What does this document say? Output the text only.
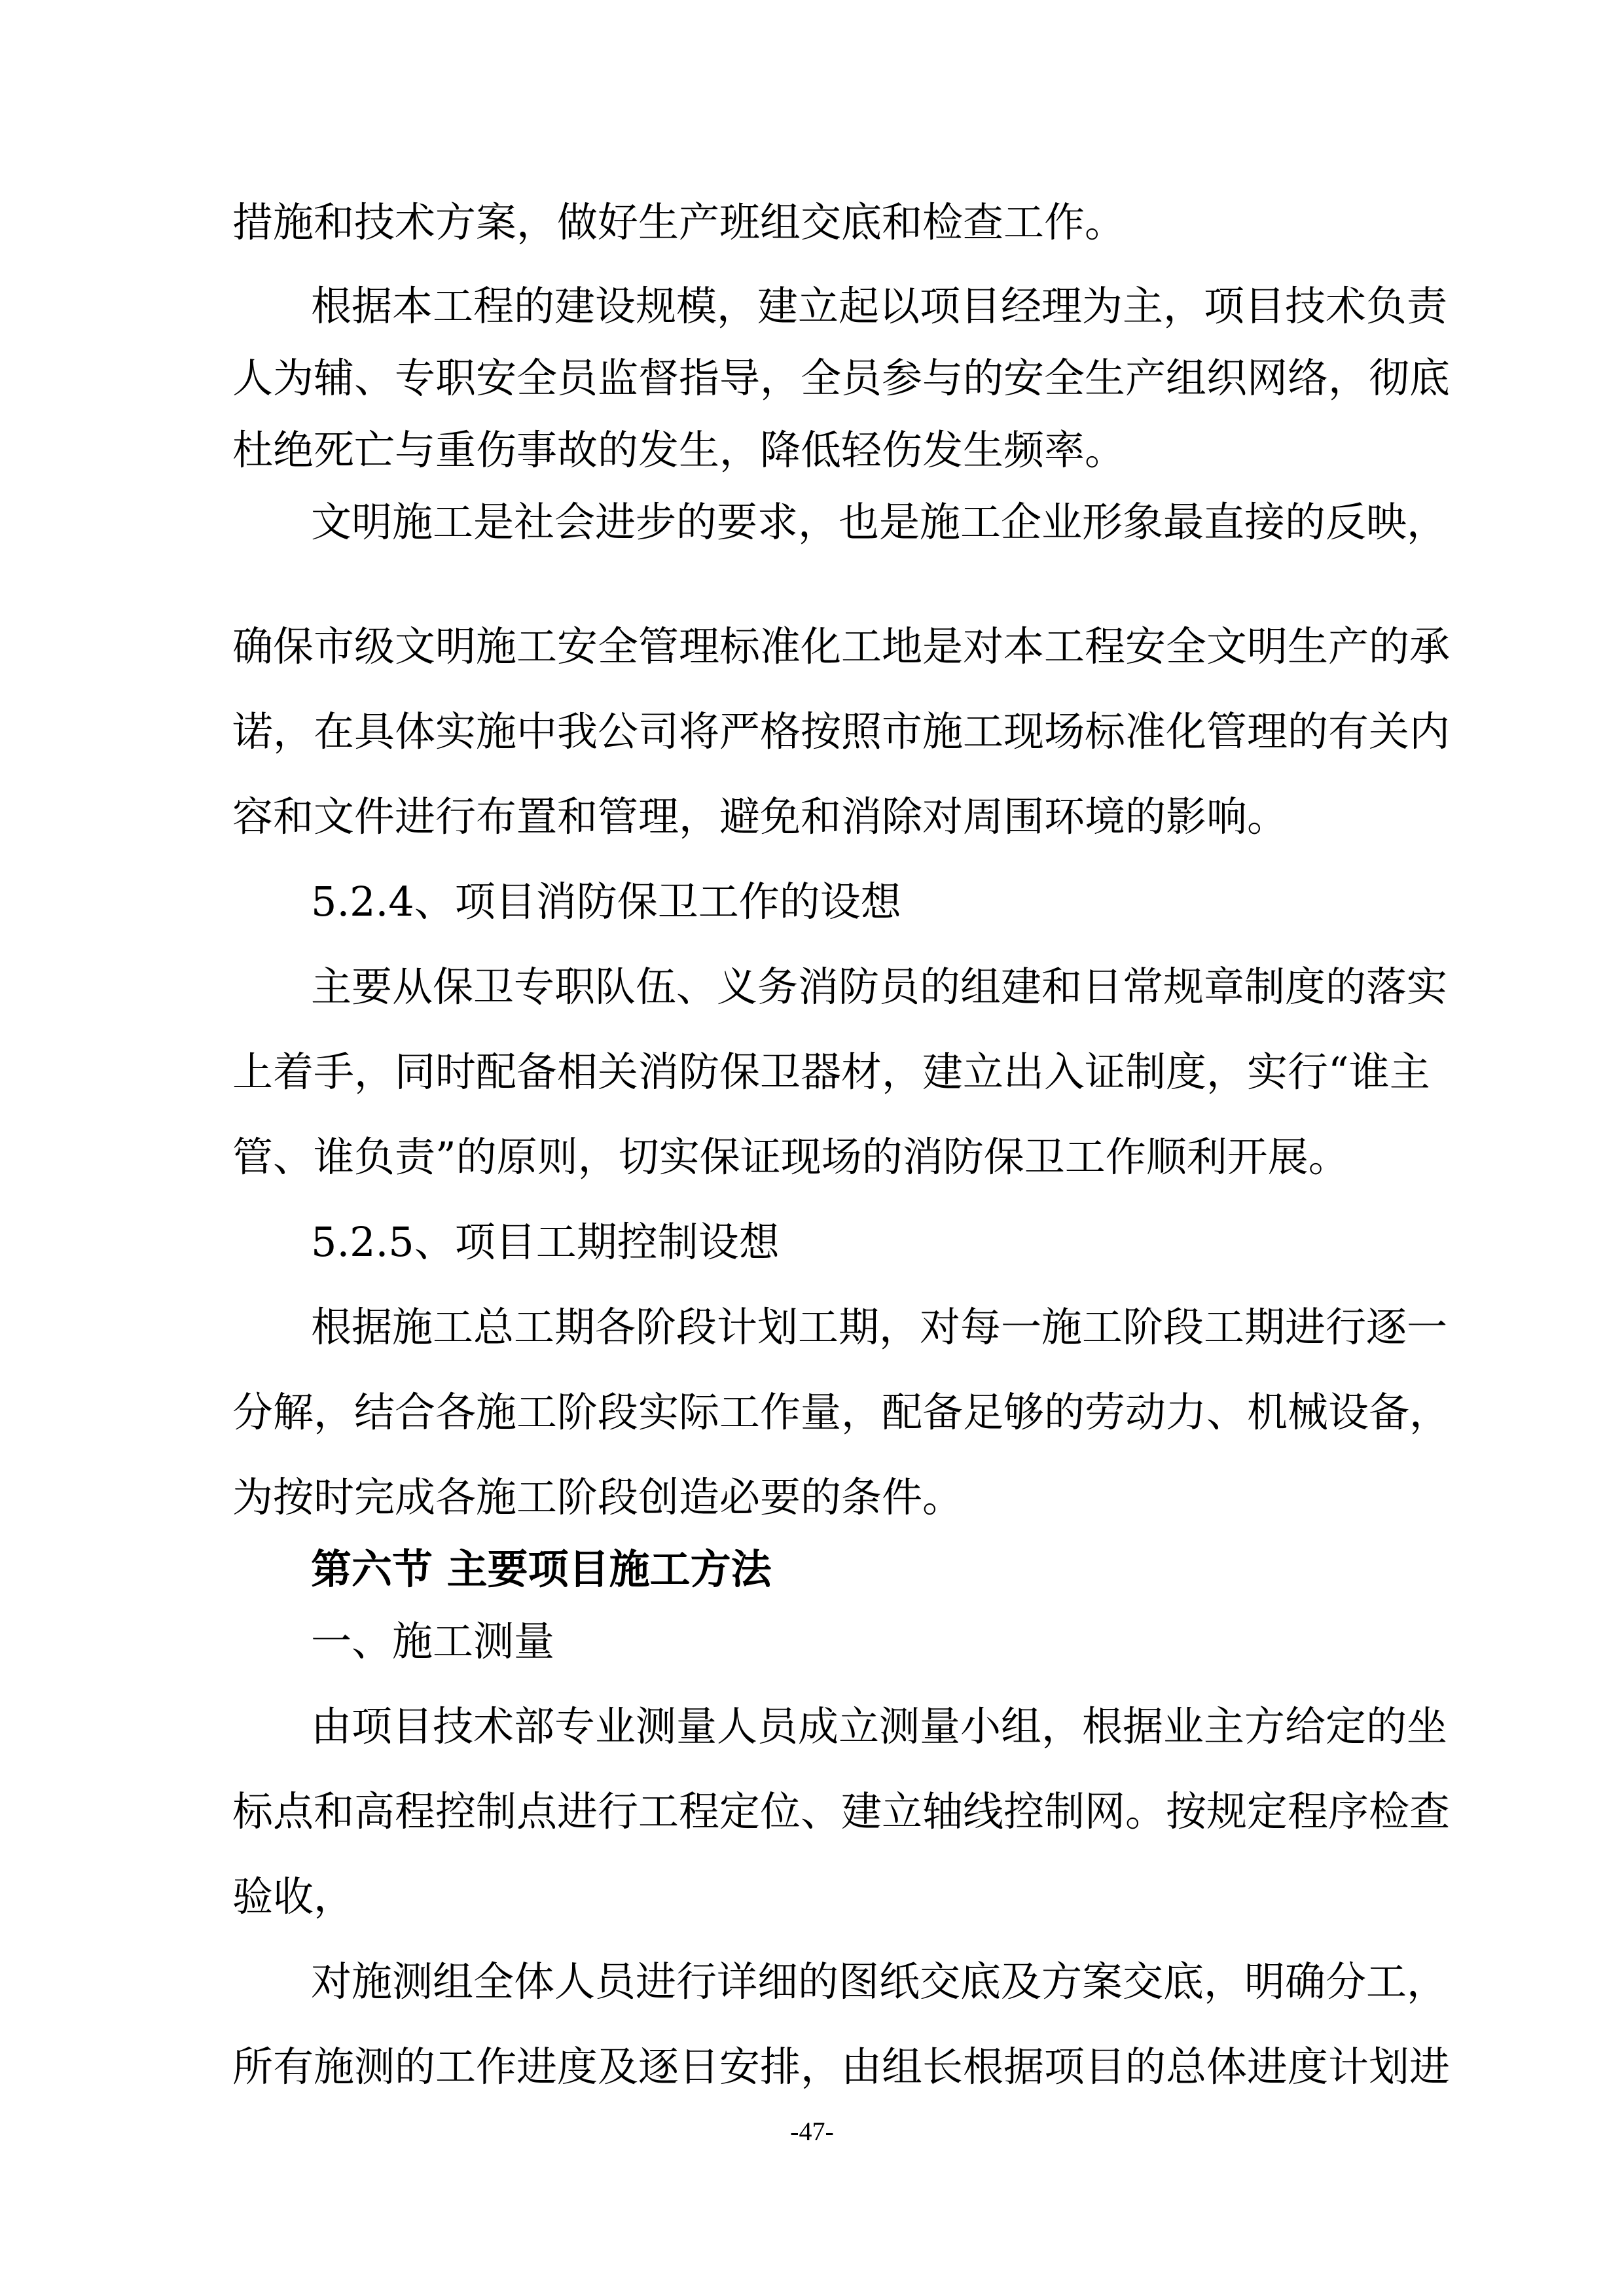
措施和技术方案，做好生产班组交底和检查工作。
根据本工程的建设规模，建立起以项目经理为主，项目技术负责
人为辅、专职安全员监督指导，全员参与的安全生产组织网络，彻底
杜绝死亡与重伤事故的发生，降低轻伤发生频率。
文明施工是社会进步的要求，也是施工企业形象最直接的反映，
确保市级文明施工安全管理标准化工地是对本工程安全文明生产的承
诺，在具体实施中我公司将严格按照市施工现场标准化管理的有关内
容和文件进行布置和管理，避免和消除对周围环境的影响。
5.2.4、项目消防保卫工作的设想
主要从保卫专职队伍、义务消防员的组建和日常规章制度的落实
上着手，同时配备相关消防保卫器材，建立出入证制度，实行“谁主
管、谁负责”的原则，切实保证现场的消防保卫工作顺利开展。
5.2.5、项目工期控制设想
根据施工总工期各阶段计划工期，对每一施工阶段工期进行逐一
分解，结合各施工阶段实际工作量，配备足够的劳动力、机械设备，
为按时完成各施工阶段创造必要的条件。
第六节 主要项目施工方法
一、施工测量
由项目技术部专业测量人员成立测量小组，根据业主方给定的坐
标点和高程控制点进行工程定位、建立轴线控制网。按规定程序检查
验收，
对施测组全体人员进行详细的图纸交底及方案交底，明确分工，
所有施测的工作进度及逐日安排，由组长根据项目的总体进度计划进
-47-
